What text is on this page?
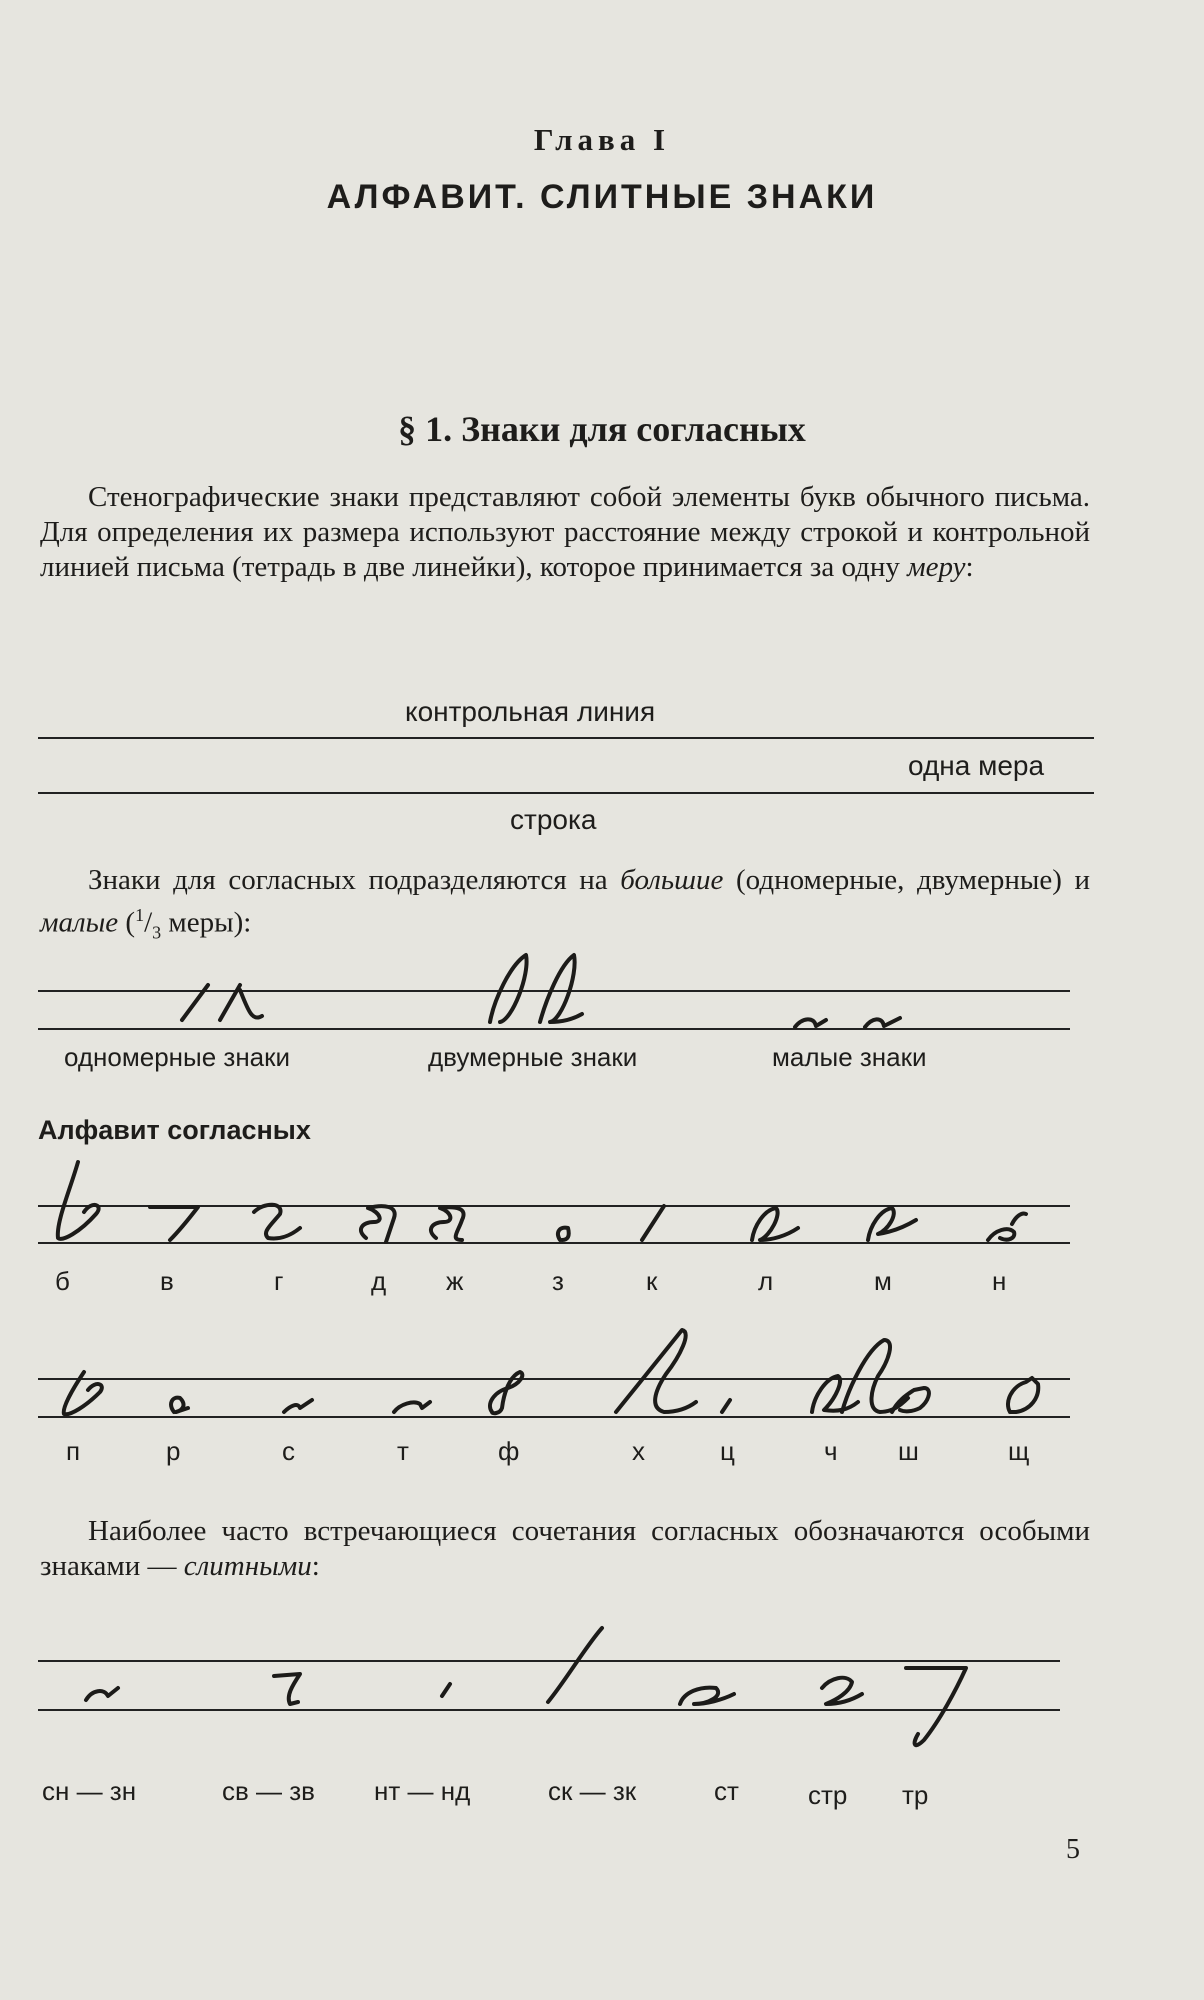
Глава I
АЛФАВИТ. СЛИТНЫЕ ЗНАКИ
§ 1. Знаки для согласных
Стенографические знаки представляют собой элементы букв обычного письма. Для определения их размера используют расстояние между строкой и контрольной линией письма (тетрадь в две линейки), которое принимается за одну меру:
контрольная линия
одна мера
строка
Знаки для согласных подразделяются на большие (одномерные, двумерные) и малые ($^1/_3$ меры):
одномерные знаки	двумерные знаки	малые знаки
Алфавит согласных
б	в	г	д ж	з	к	л	м	н
п	р	с	т	ф	х	ц	ч ш	щ
Наиболее часто встречающиеся сочетания согласных обозначаются особыми знаками — слитными:
сн — зн	св — зв нт — нд	ск — зк	ст	стр тр
5
